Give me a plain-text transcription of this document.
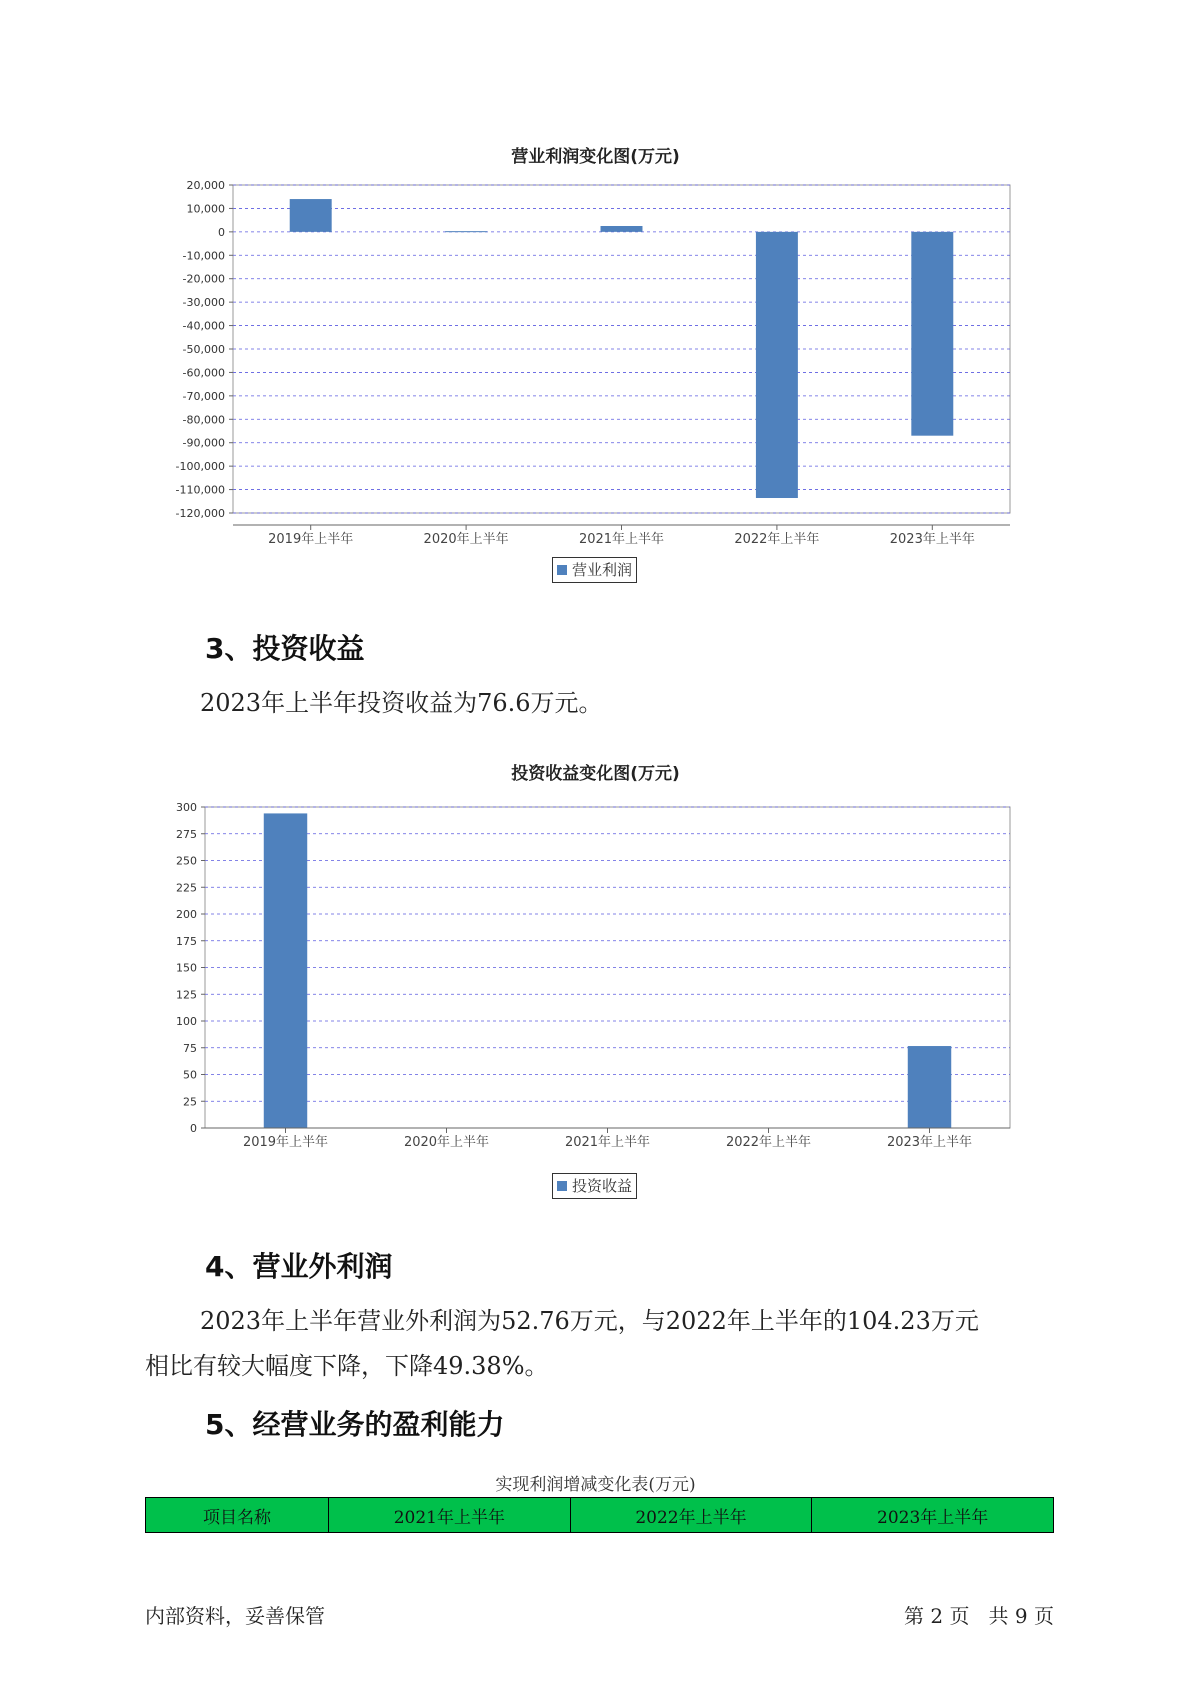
营业利润变化图(万元)
20,000
10,000
0
-10,000
-20,000
-30,000
-40,000
-50,000
-60,000
-70,000
-80,000
-90,000
-100,000
-110,000
-120,000
2019年上半年	2020年上半年	2021年上半年	2022年上半年	2023年上半年
营业利润
3、投资收益
2023年上半年投资收益为76.6万元。
投资收益变化图(万元)
300
275
250
225
200
175
150
125
100
75
50
25
0
2019年上半年	2020年上半年	2021年上半年	2022年上半年	2023年上半年
投资收益
4、营业外利润
2023年上半年营业外利润为52.76万元，与2022年上半年的104.23万元
相比有较大幅度下降，下降49.38%。
5、经营业务的盈利能力
实现利润增减变化表(万元)
项目名称	2021年上半年	2022年上半年	2023年上半年
内部资料，妥善保管	第 2 页   共 9 页
